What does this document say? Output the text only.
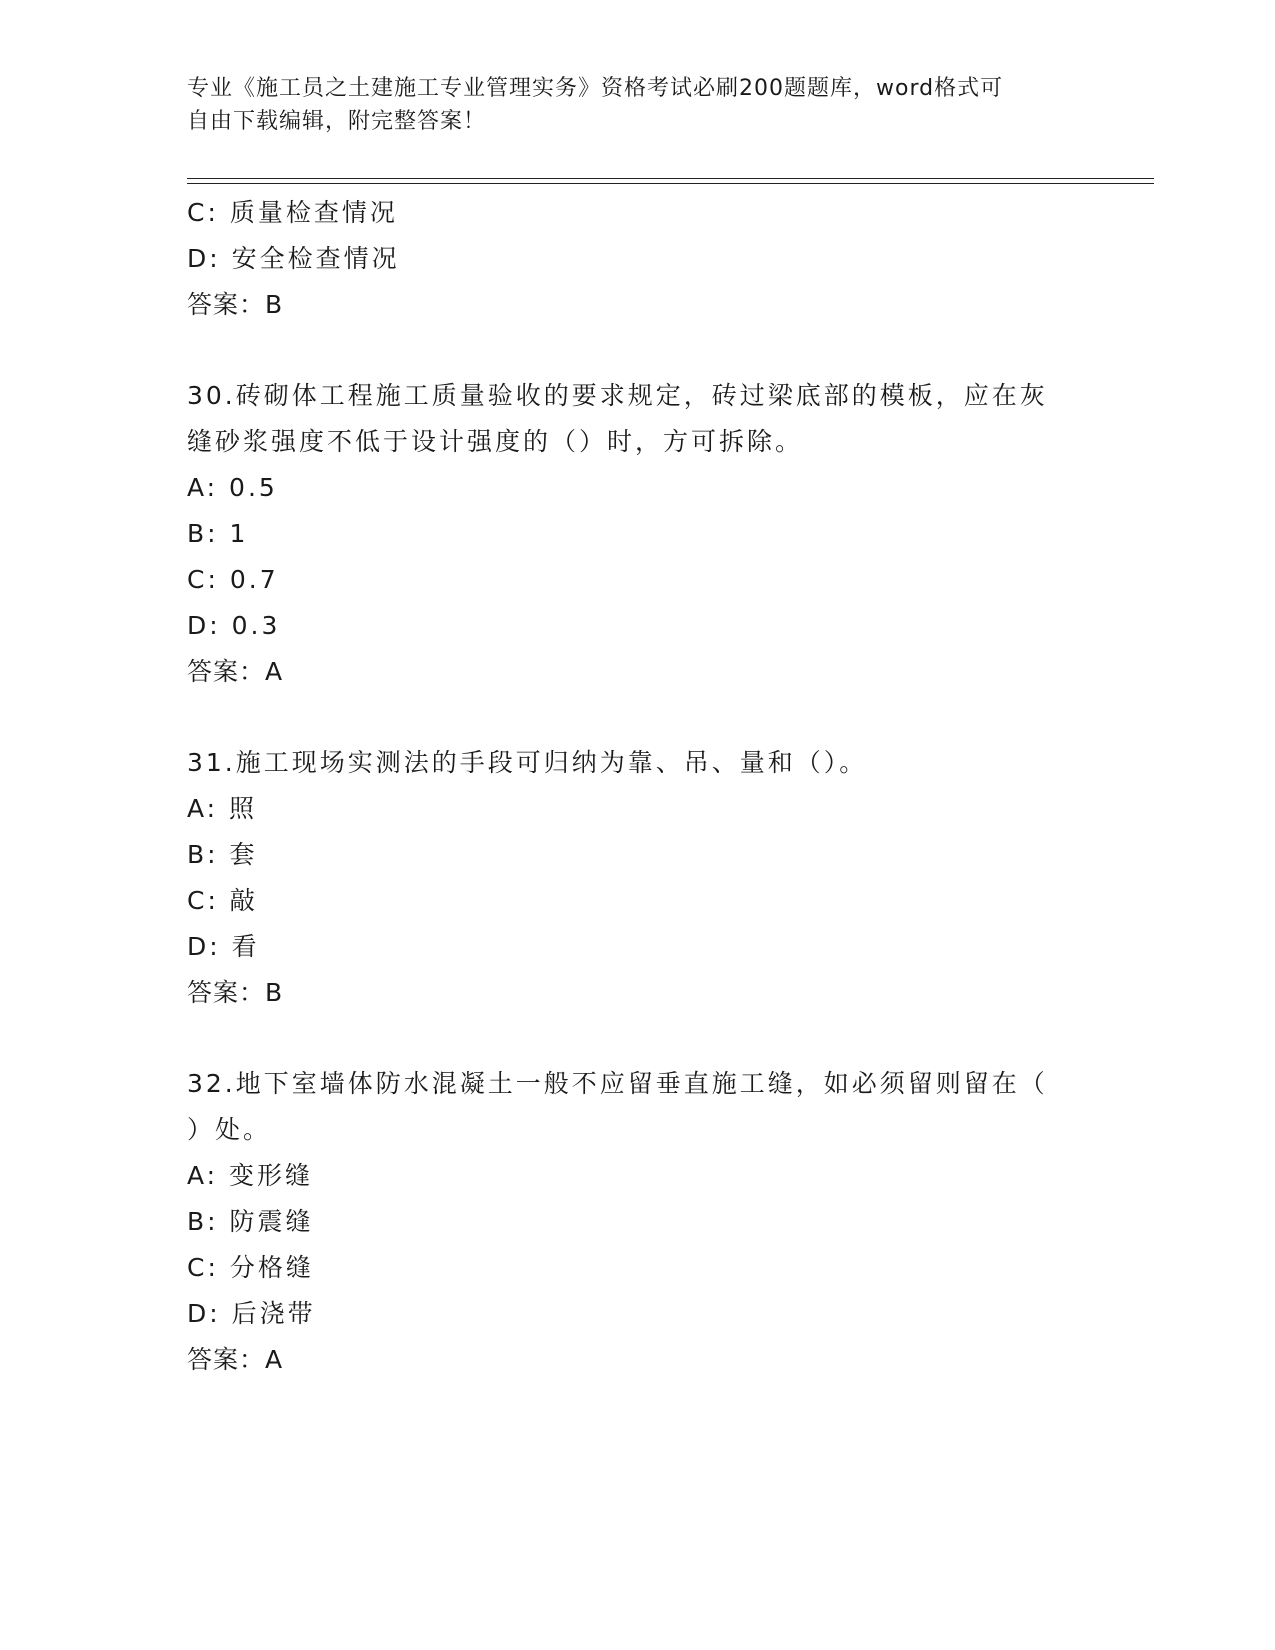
专业《施工员之土建施工专业管理实务》资格考试必刷200题题库，word格式可
自由下载编辑，附完整答案！
C: 质量检查情况
D: 安全检查情况
答案：B
30.砖砌体工程施工质量验收的要求规定，砖过梁底部的模板，应在灰
缝砂浆强度不低于设计强度的（）时，方可拆除。
A: 0.5
B: 1
C: 0.7
D: 0.3
答案：A
31.施工现场实测法的手段可归纳为靠、吊、量和（）。
A: 照
B: 套
C: 敲
D: 看
答案：B
32.地下室墙体防水混凝土一般不应留垂直施工缝，如必须留则留在（
）处。
A: 变形缝
B: 防震缝
C: 分格缝
D: 后浇带
答案：A
